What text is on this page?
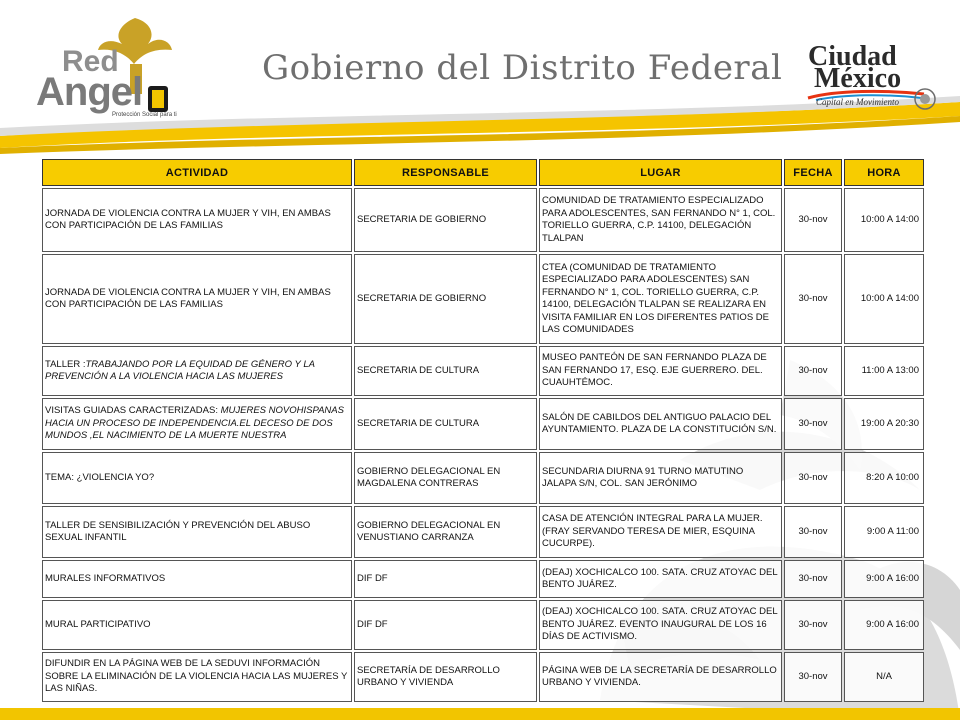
Red
Angel
Protección Social para ti
Gobierno del Distrito Federal Ciudad
México
Capital en Movimiento
ACTIVIDAD	RESPONSABLE	LUGAR	FECHA	HORA
JORNADA DE VIOLENCIA CONTRA LA MUJER Y VIH, EN AMBAS CON PARTICIPACIÓN DE LAS FAMILIAS	SECRETARIA DE GOBIERNO	COMUNIDAD DE TRATAMIENTO ESPECIALIZADO PARA ADOLESCENTES, SAN FERNANDO N° 1, COL. TORIELLO GUERRA, C.P. 14100, DELEGACIÓN TLALPAN	30-nov	10:00 A 14:00
JORNADA DE VIOLENCIA CONTRA LA MUJER Y VIH, EN AMBAS CON PARTICIPACIÓN DE LAS FAMILIAS	SECRETARIA DE GOBIERNO	CTEA (COMUNIDAD DE TRATAMIENTO ESPECIALIZADO PARA ADOLESCENTES) SAN FERNANDO N° 1, COL. TORIELLO GUERRA, C.P. 14100, DELEGACIÓN TLALPAN SE REALIZARA EN VISITA FAMILIAR EN LOS DIFERENTES PATIOS DE LAS COMUNIDADES	30-nov	10:00 A 14:00
TALLER :TRABAJANDO POR LA EQUIDAD DE GÉNERO Y LA PREVENCIÓN A LA VIOLENCIA HACIA LAS MUJERES	SECRETARIA DE CULTURA	MUSEO PANTEÓN DE SAN FERNANDO PLAZA DE SAN FERNANDO 17, ESQ. EJE GUERRERO. DEL. CUAUHTÉMOC.	30-nov	11:00 A 13:00
VISITAS GUIADAS CARACTERIZADAS: MUJERES NOVOHISPANAS HACIA UN PROCESO DE INDEPENDENCIA.EL DECESO DE DOS MUNDOS ,EL NACIMIENTO DE LA MUERTE NUESTRA	SECRETARIA DE CULTURA	SALÓN DE CABILDOS DEL ANTIGUO PALACIO DEL AYUNTAMIENTO. PLAZA DE LA CONSTITUCIÓN S/N.	30-nov	19:00 A 20:30
TEMA: ¿VIOLENCIA YO?	GOBIERNO DELEGACIONAL EN MAGDALENA CONTRERAS	SECUNDARIA DIURNA 91 TURNO MATUTINO JALAPA S/N, COL. SAN JERÓNIMO	30-nov	8:20 A 10:00
TALLER DE SENSIBILIZACIÓN Y PREVENCIÓN DEL ABUSO SEXUAL INFANTIL	GOBIERNO DELEGACIONAL EN VENUSTIANO CARRANZA	CASA DE ATENCIÓN INTEGRAL PARA LA MUJER. (FRAY SERVANDO TERESA DE MIER, ESQUINA CUCURPE).	30-nov	9:00 A 11:00
MURALES INFORMATIVOS	DIF DF	(DEAJ) XOCHICALCO 100. SATA. CRUZ ATOYAC DEL BENTO JUÁREZ.	30-nov	9:00 A 16:00
MURAL PARTICIPATIVO	DIF DF	(DEAJ) XOCHICALCO 100. SATA. CRUZ ATOYAC DEL BENTO JUÁREZ. EVENTO INAUGURAL DE LOS 16 DÍAS DE ACTIVISMO.	30-nov	9:00 A 16:00
DIFUNDIR EN LA PÁGINA WEB DE LA SEDUVI INFORMACIÓN SOBRE LA ELIMINACIÓN DE LA VIOLENCIA HACIA LAS MUJERES Y LAS NIÑAS.	SECRETARÍA DE DESARROLLO URBANO Y VIVIENDA	PÁGINA WEB DE LA SECRETARÍA DE DESARROLLO URBANO Y VIVIENDA.	30-nov	N/A
